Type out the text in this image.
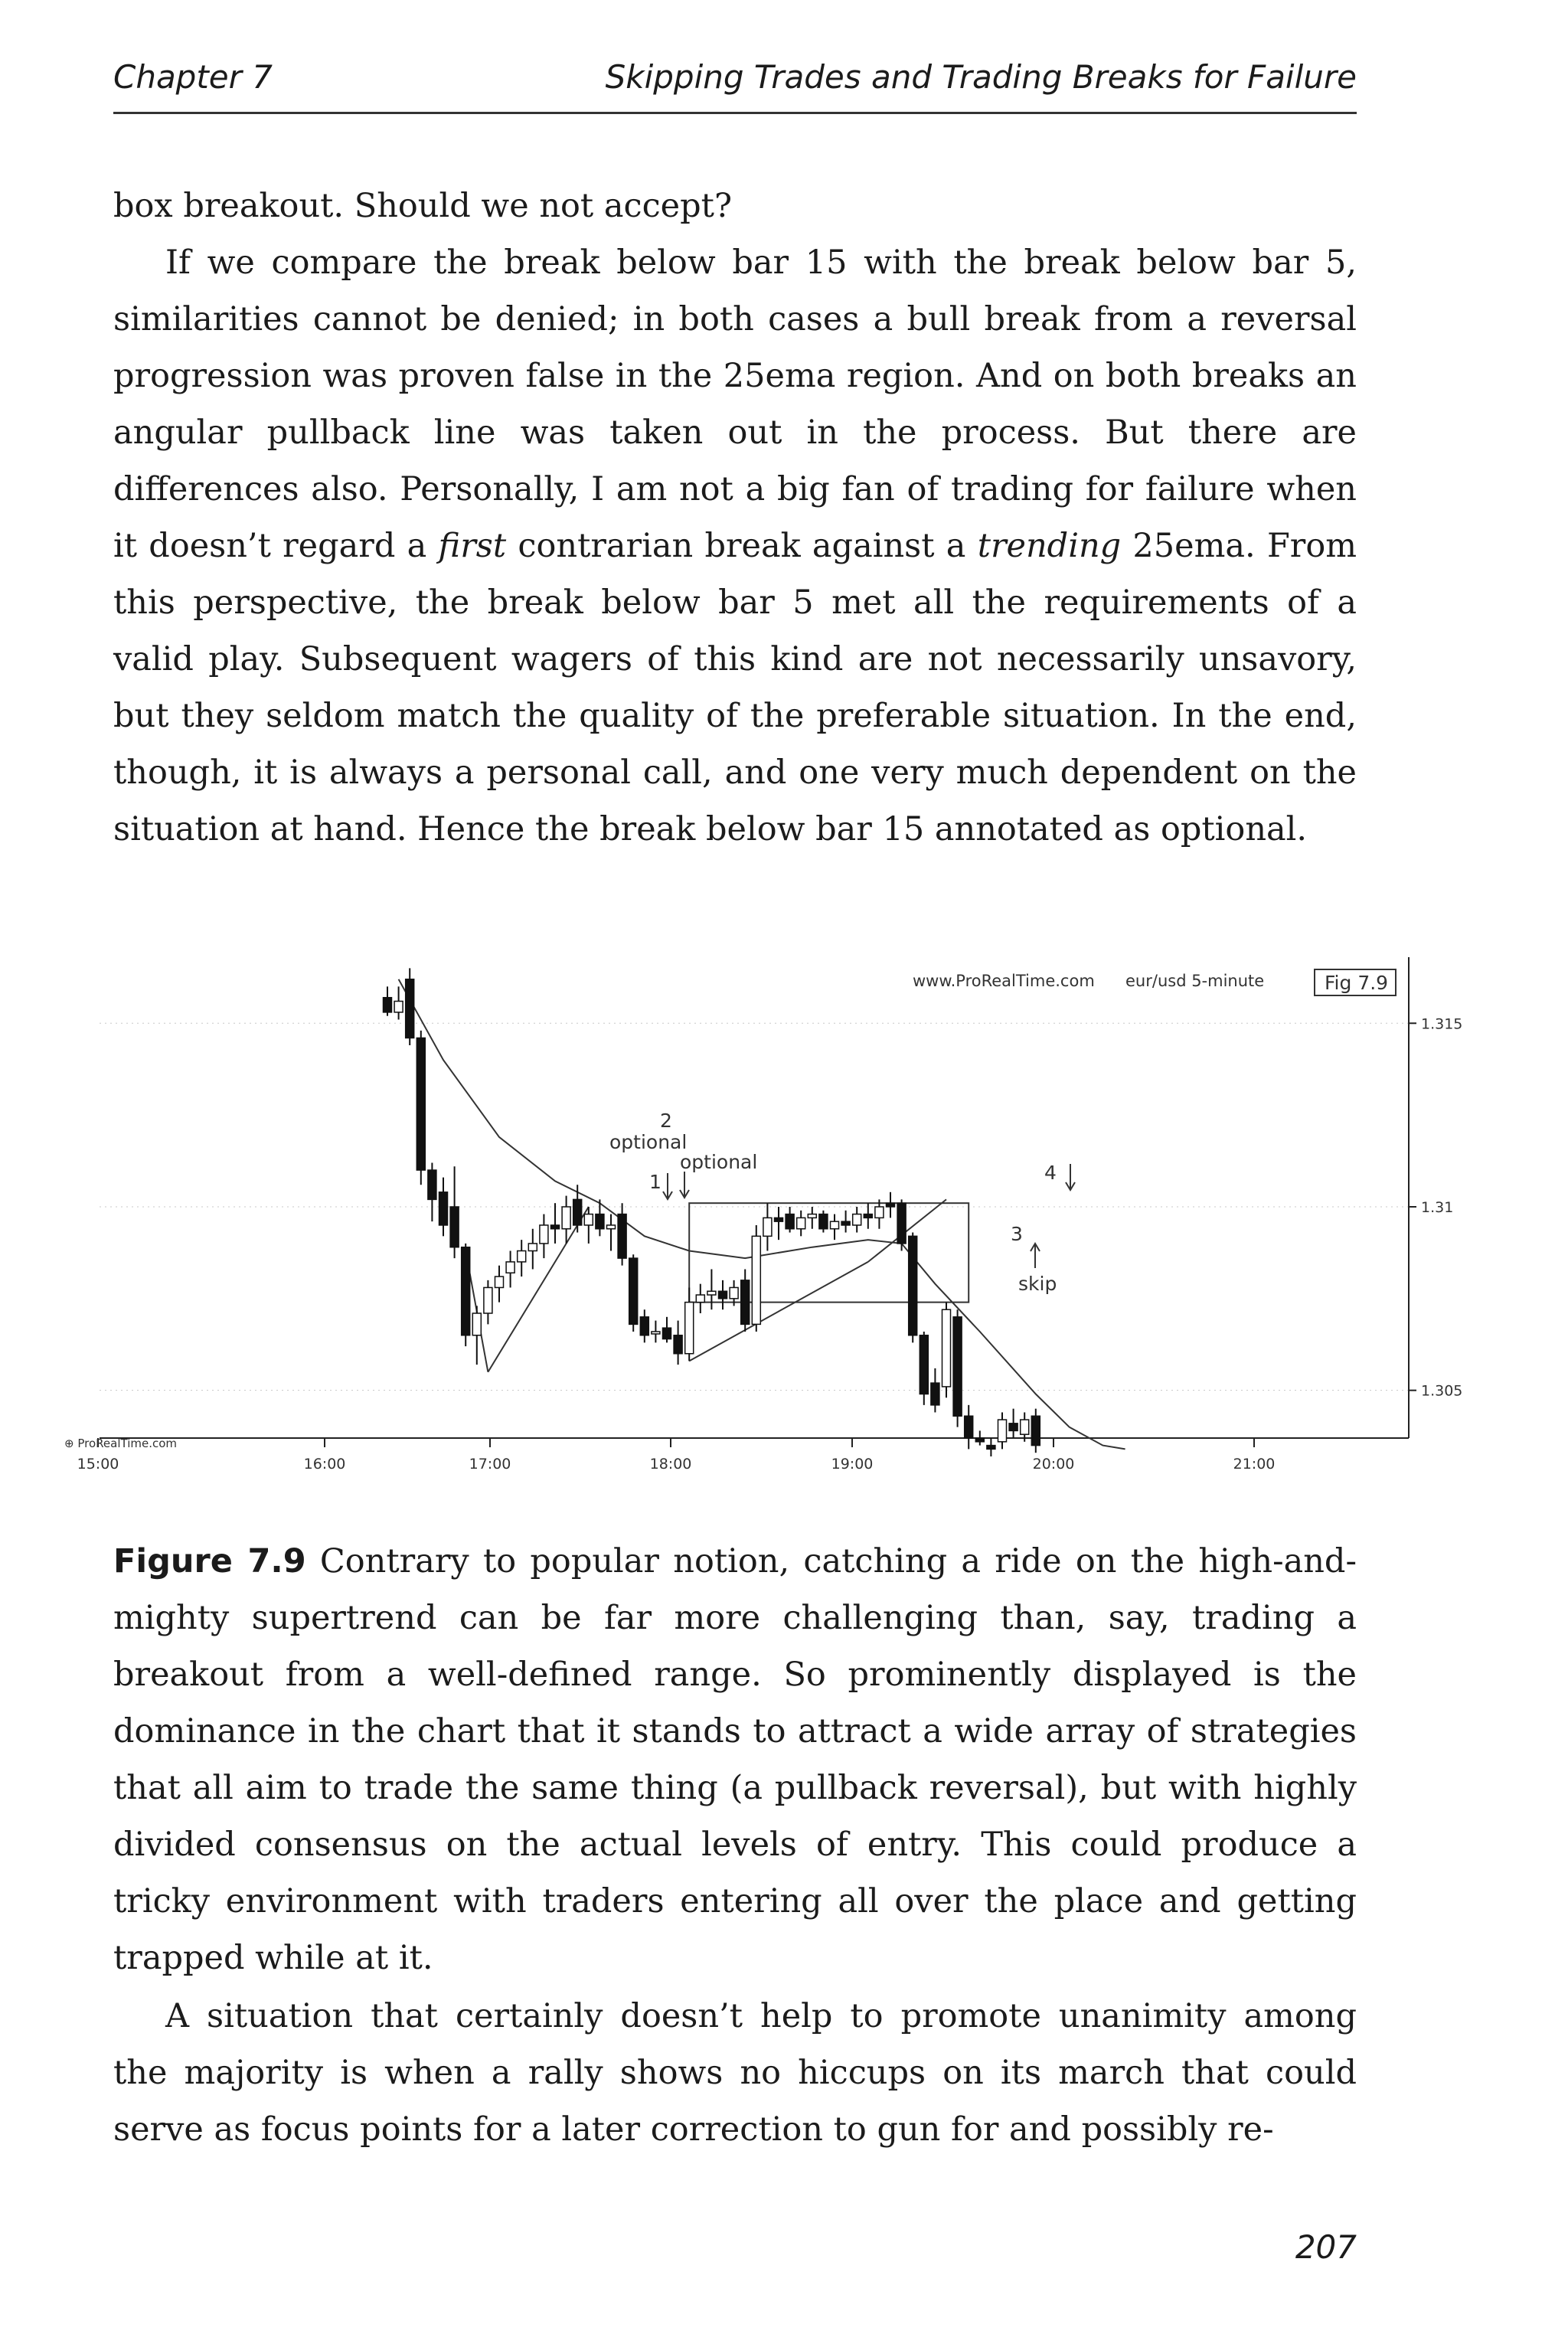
Chapter 7	Skipping Trades and Trading Breaks for Failure

box breakout. Should we not accept?

If we compare the break below bar 15 with the break below bar 5, similarities cannot be denied; in both cases a bull break from a reversal progression was proven false in the 25ema region. And on both breaks an angular pullback line was taken out in the process. But there are differences also. Personally, I am not a big fan of trading for failure when it doesn’t regard a first contrarian break against a trending 25ema. From this perspective, the break below bar 5 met all the requirements of a valid play. Subsequent wagers of this kind are not necessarily unsavory, but they seldom match the quality of the preferable situation. In the end, though, it is always a personal call, and one very much dependent on the situation at hand. Hence the break below bar 15 annotated as optional.

1.315
1.31
1.305
15:00	16:00	17:00	18:00	19:00	20:00	21:00
www.ProRealTime.com eur/usd 5-minute	Fig 7.9
⊕ ProRealTime.com
2
optional
optional
1	4
3
skip

Figure 7.9 Contrary to popular notion, catching a ride on the high-and-mighty supertrend can be far more challenging than, say, trading a breakout from a well-defined range. So prominently displayed is the dominance in the chart that it stands to attract a wide array of strategies that all aim to trade the same thing (a pullback reversal), but with highly divided consensus on the actual levels of entry. This could produce a tricky environment with traders entering all over the place and getting trapped while at it.

A situation that certainly doesn’t help to promote unanimity among the majority is when a rally shows no hiccups on its march that could serve as focus points for a later correction to gun for and possibly re-

207
